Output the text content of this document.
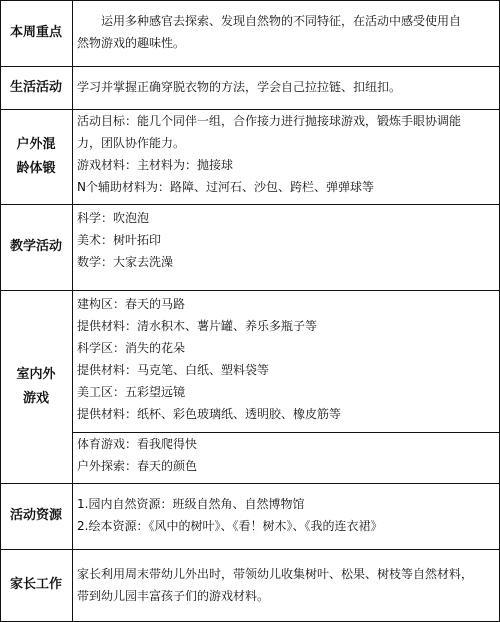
本周重点
运用多种感官去探索、发现自然物的不同特征，在活动中感受使用自
然物游戏的趣味性。
生活活动 学习并掌握正确穿脱衣物的方法，学会自己拉拉链、扣纽扣。
户外混
龄体锻
活动目标：能几个同伴一组，合作接力进行抛接球游戏，锻炼手眼协调能
力，团队协作能力。
游戏材料：主材料为：抛接球
N个辅助材料为：路障、过河石、沙包、跨栏、弹弹球等
教学活动
科学：吹泡泡
美术：树叶拓印
数学：大家去洗澡
室内外
游戏
建构区：春天的马路
提供材料：清水积木、薯片罐、养乐多瓶子等
科学区：消失的花朵
提供材料：马克笔、白纸、塑料袋等
美工区：五彩望远镜
提供材料：纸杯、彩色玻璃纸、透明胶、橡皮筋等
体育游戏：看我爬得快
户外探索：春天的颜色
活动资源
1.园内自然资源：班级自然角、自然博物馆
2.绘本资源：《风中的树叶》、《看！树木》、《我的连衣裙》
家长工作
家长利用周末带幼儿外出时，带领幼儿收集树叶、松果、树枝等自然材料，
带到幼儿园丰富孩子们的游戏材料。
